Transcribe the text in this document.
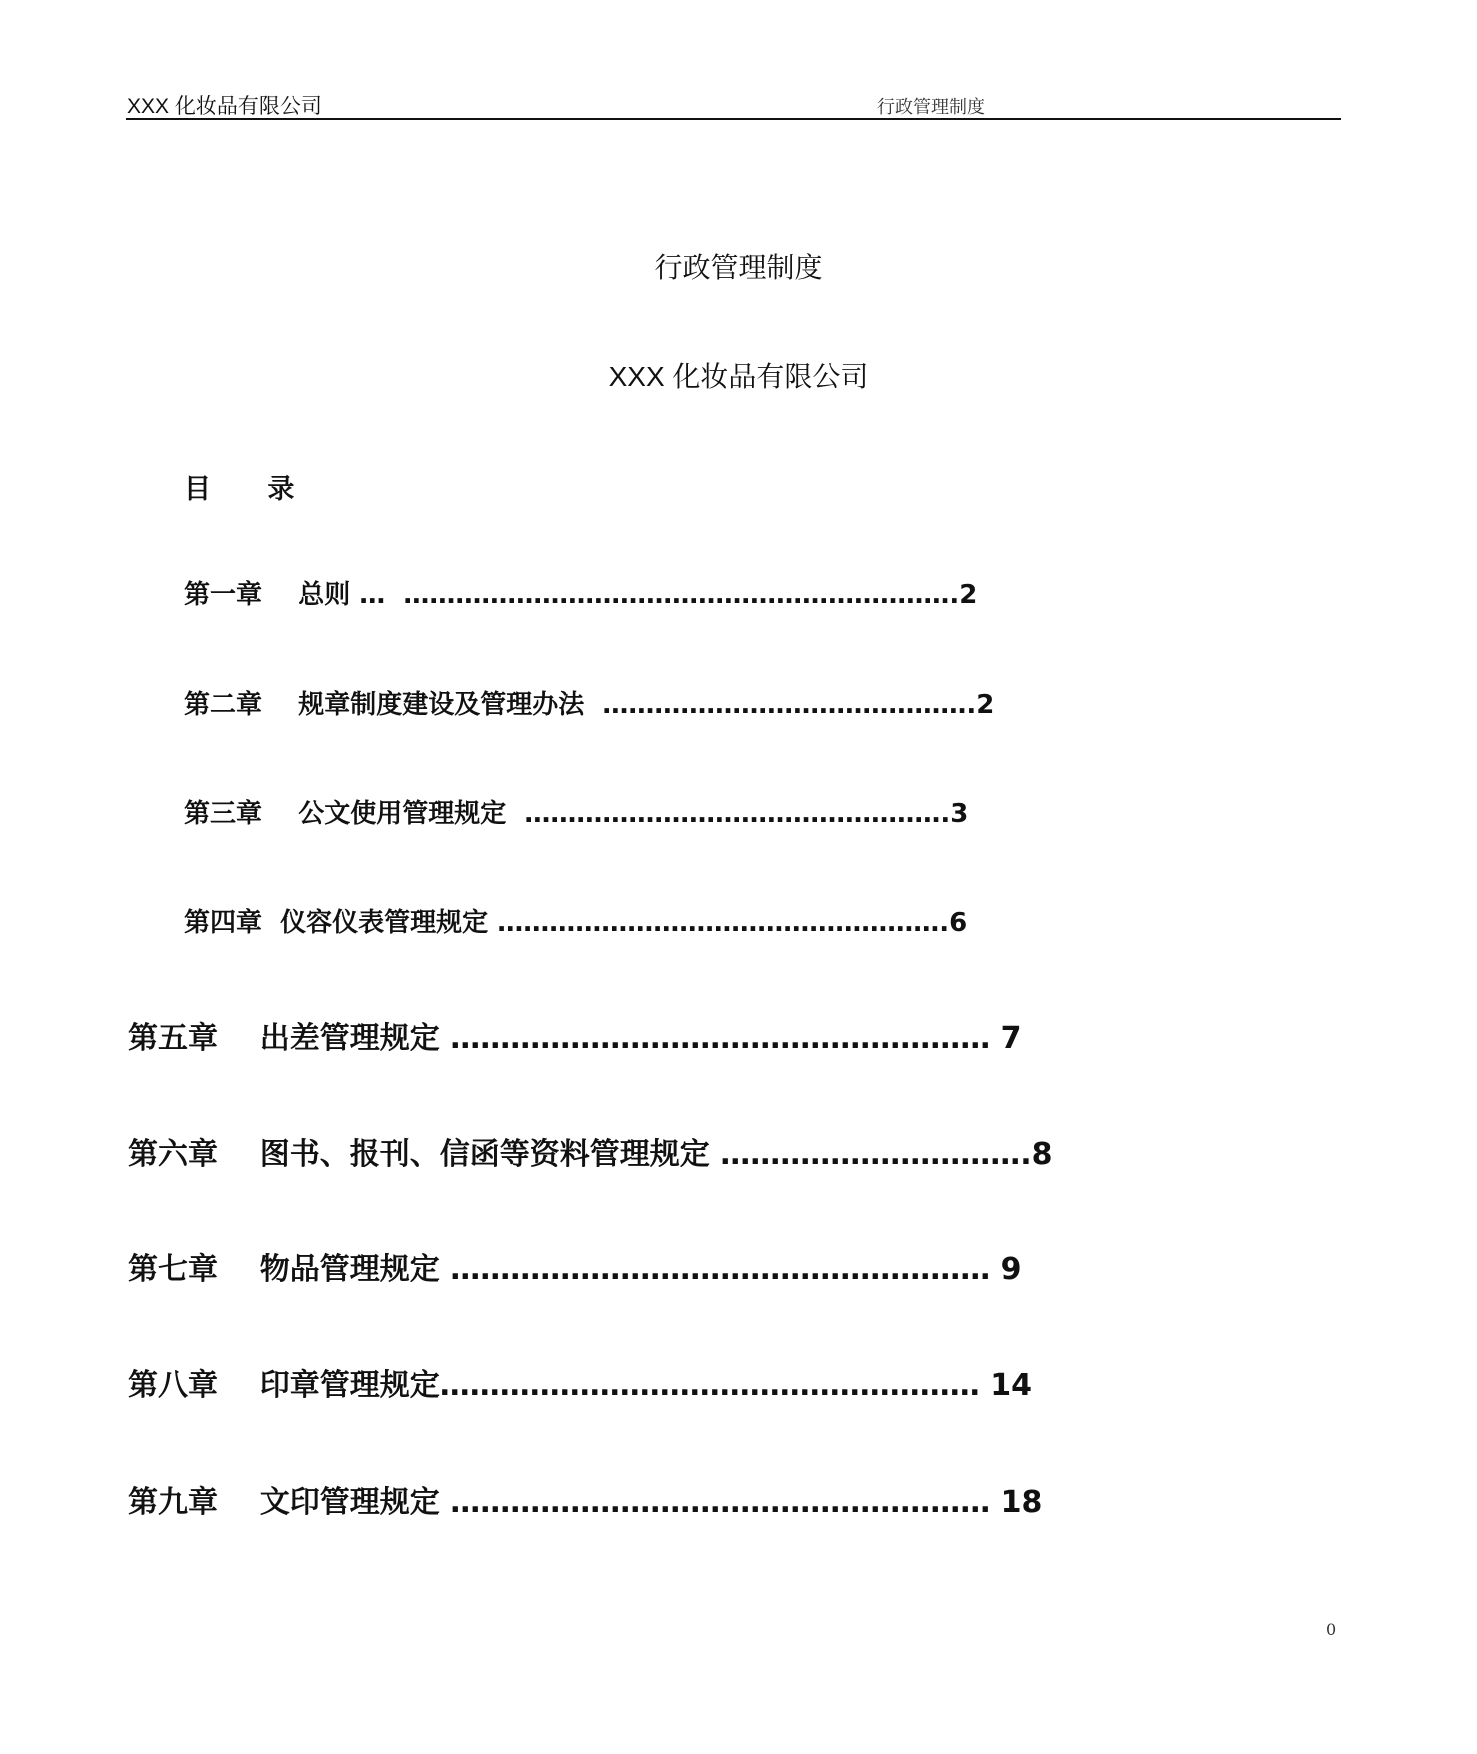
XXX 化妆品有限公司	行政管理制度
行政管理制度
XXX 化妆品有限公司
目      录
第一章 总则 …  ……………………………………………………….2
第二章 规章制度建设及管理办法  …………………………………….2
第三章 公文使用管理规定  ………………………………………….3
第四章 仪容仪表管理规定 …………………………………………….6
第五章 出差管理规定 ……………………………………………… 7
第六章 图书、报刊、信函等资料管理规定 ………………………….8
第七章 物品管理规定 ……………………………………………… 9
第八章 印章管理规定……………………………………………… 14
第九章 文印管理规定 ……………………………………………… 18
0
